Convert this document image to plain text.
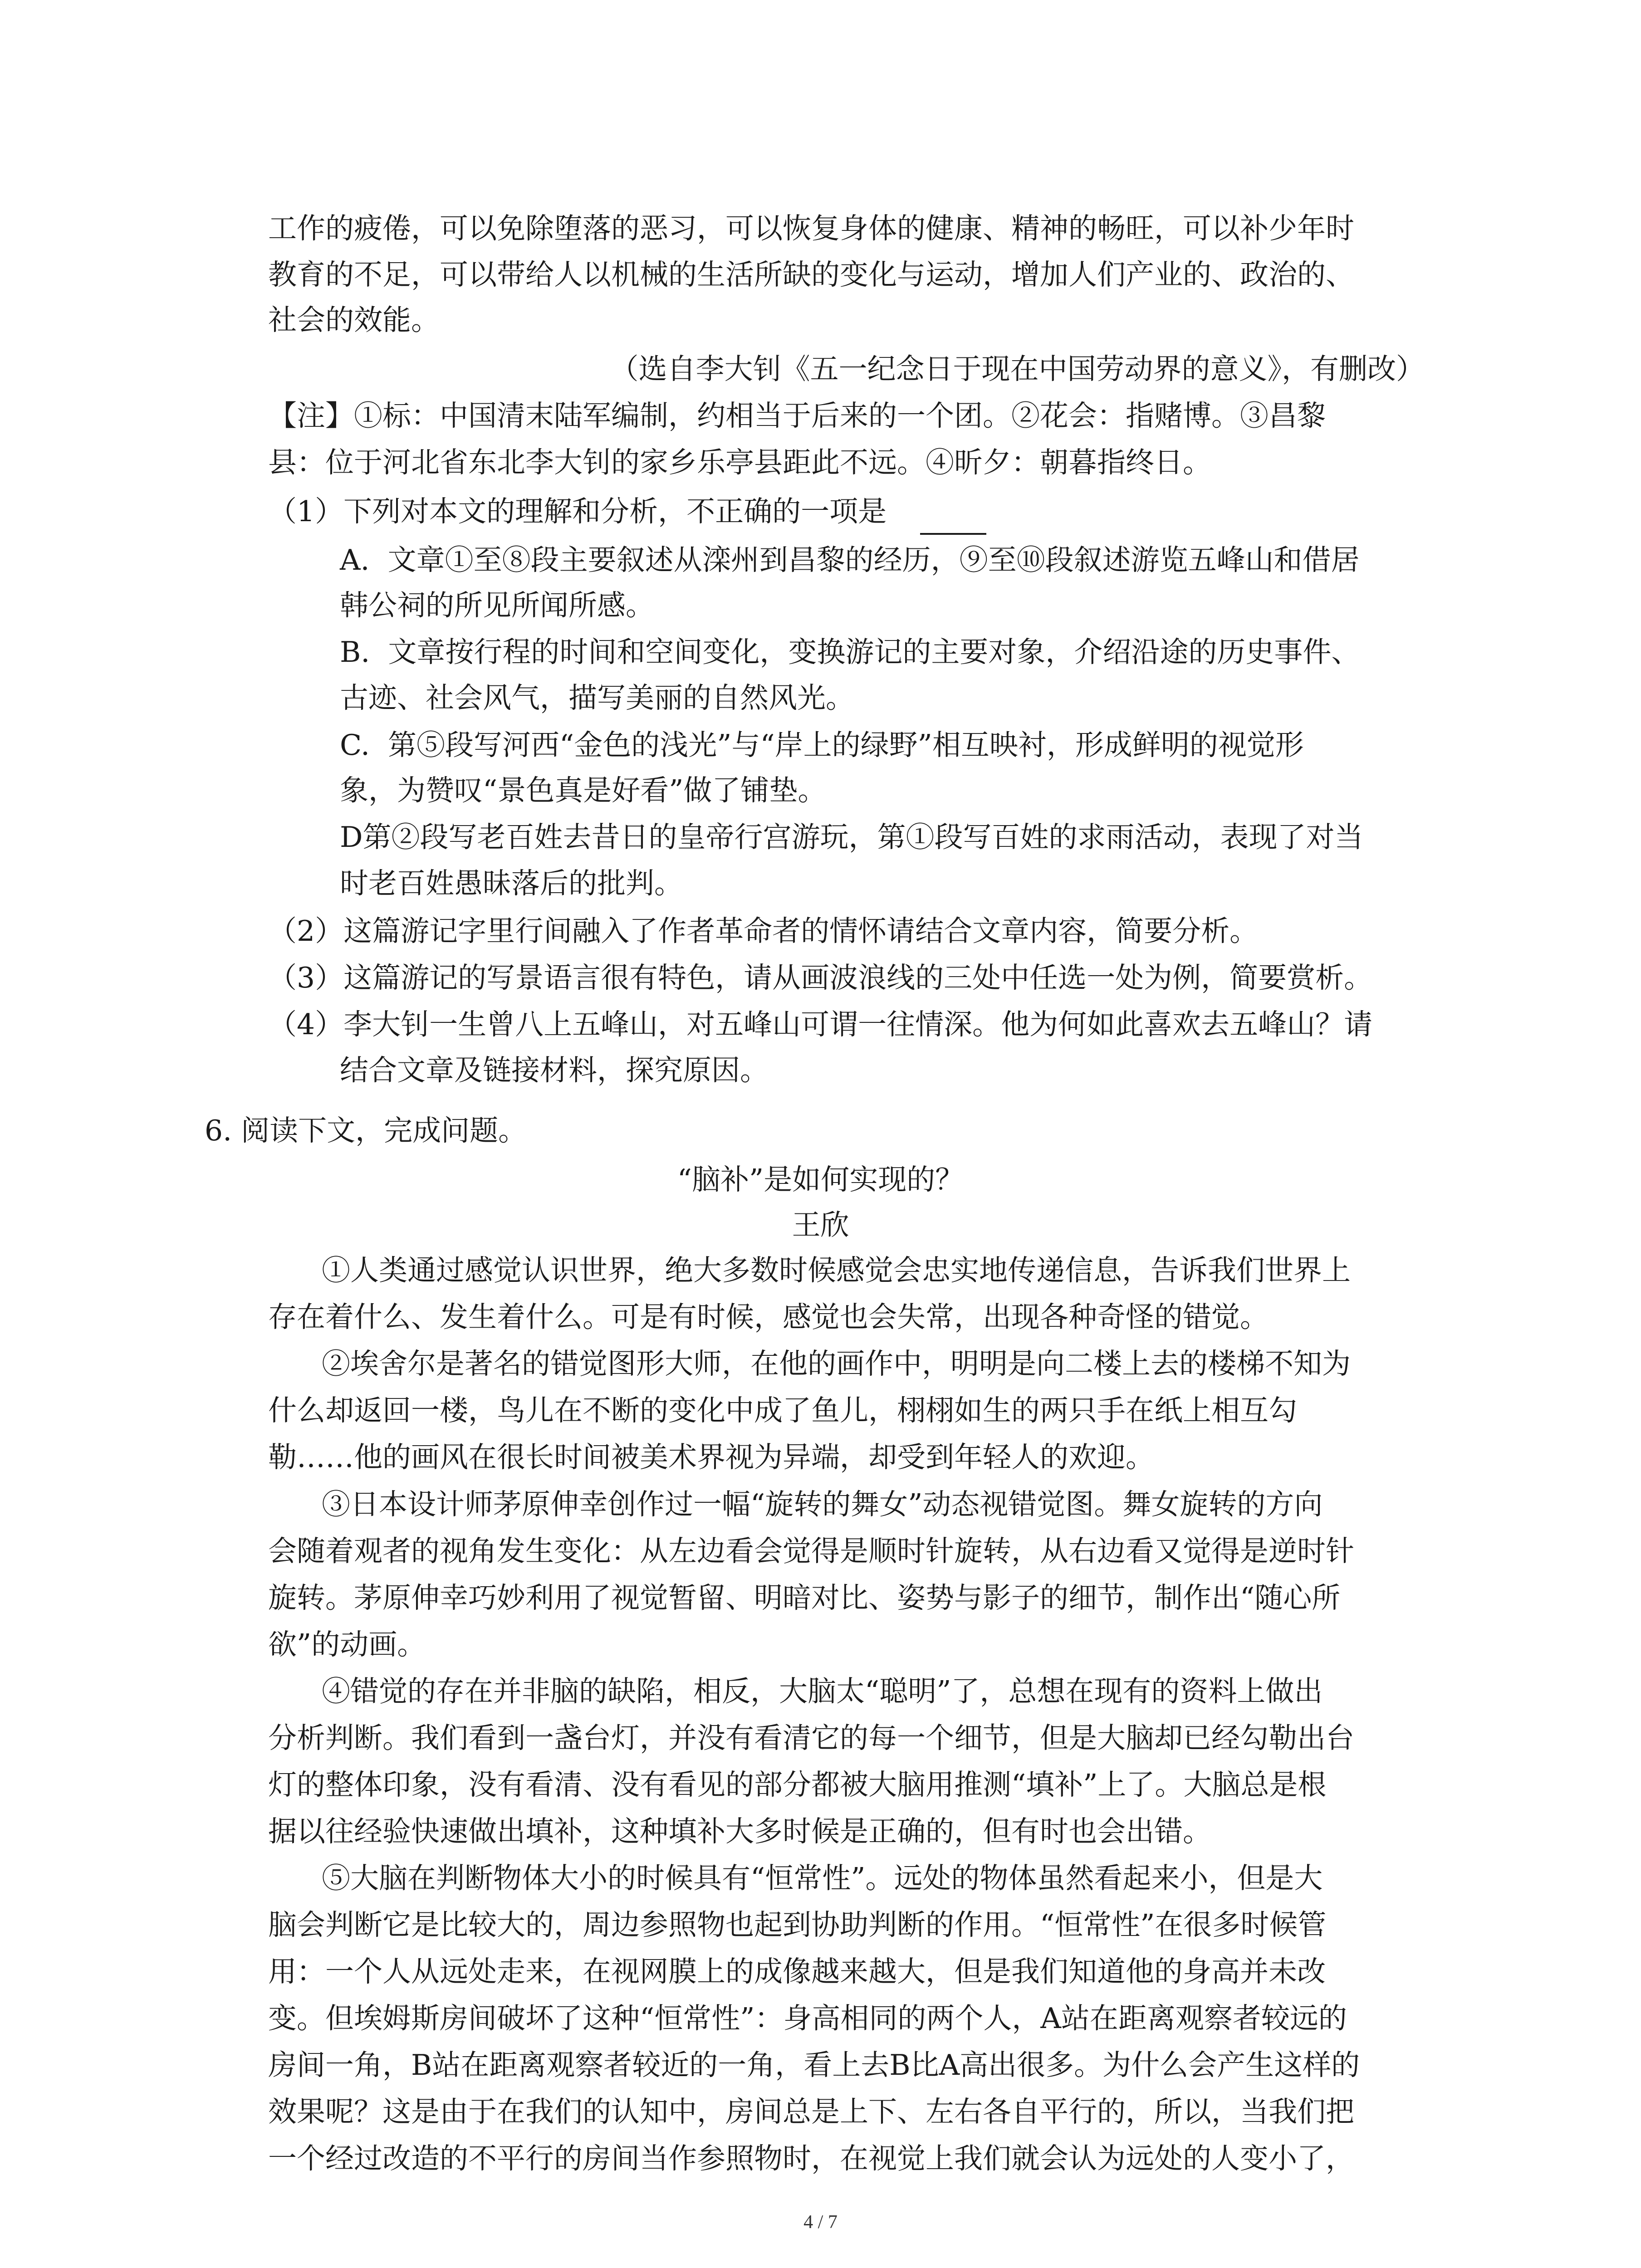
工作的疲倦，可以免除堕落的恶习，可以恢复身体的健康、精神的畅旺，可以补少年时
教育的不足，可以带给人以机械的生活所缺的变化与运动，增加人们产业的、政治的、
社会的效能。
（选自李大钊《五一纪念日于现在中国劳动界的意义》，有删改）
【注】①标：中国清末陆军编制，约相当于后来的一个团。②花会：指赌博。③昌黎
县：位于河北省东北李大钊的家乡乐亭县距此不远。④昕夕：朝暮指终日。
（1）下列对本文的理解和分析，不正确的一项是
A.  文章①至⑧段主要叙述从滦州到昌黎的经历，⑨至⑩段叙述游览五峰山和借居
韩公祠的所见所闻所感。
B.  文章按行程的时间和空间变化，变换游记的主要对象，介绍沿途的历史事件、
古迹、社会风气，描写美丽的自然风光。
C.  第⑤段写河西“金色的浅光”与“岸上的绿野”相互映衬，形成鲜明的视觉形
象，为赞叹“景色真是好看”做了铺垫。
D第②段写老百姓去昔日的皇帝行宫游玩，第①段写百姓的求雨活动，表现了对当
时老百姓愚昧落后的批判。
（2）这篇游记字里行间融入了作者革命者的情怀请结合文章内容，简要分析。
（3）这篇游记的写景语言很有特色，请从画波浪线的三处中任选一处为例，简要赏析。
（4）李大钊一生曾八上五峰山，对五峰山可谓一往情深。他为何如此喜欢去五峰山？请
结合文章及链接材料，探究原因。
6. 阅读下文，完成问题。
“脑补”是如何实现的？
王欣
①人类通过感觉认识世界，绝大多数时候感觉会忠实地传递信息，告诉我们世界上
存在着什么、发生着什么。可是有时候，感觉也会失常，出现各种奇怪的错觉。
②埃舍尔是著名的错觉图形大师，在他的画作中，明明是向二楼上去的楼梯不知为
什么却返回一楼，鸟儿在不断的变化中成了鱼儿，栩栩如生的两只手在纸上相互勾
勒……他的画风在很长时间被美术界视为异端，却受到年轻人的欢迎。
③日本设计师茅原伸幸创作过一幅“旋转的舞女”动态视错觉图。舞女旋转的方向
会随着观者的视角发生变化：从左边看会觉得是顺时针旋转，从右边看又觉得是逆时针
旋转。茅原伸幸巧妙利用了视觉暂留、明暗对比、姿势与影子的细节，制作出“随心所
欲”的动画。
④错觉的存在并非脑的缺陷，相反，大脑太“聪明”了，总想在现有的资料上做出
分析判断。我们看到一盏台灯，并没有看清它的每一个细节，但是大脑却已经勾勒出台
灯的整体印象，没有看清、没有看见的部分都被大脑用推测“填补”上了。大脑总是根
据以往经验快速做出填补，这种填补大多时候是正确的，但有时也会出错。
⑤大脑在判断物体大小的时候具有“恒常性”。远处的物体虽然看起来小，但是大
脑会判断它是比较大的，周边参照物也起到协助判断的作用。“恒常性”在很多时候管
用：一个人从远处走来，在视网膜上的成像越来越大，但是我们知道他的身高并未改
变。但埃姆斯房间破坏了这种“恒常性”：身高相同的两个人，A站在距离观察者较远的
房间一角，B站在距离观察者较近的一角，看上去B比A高出很多。为什么会产生这样的
效果呢？这是由于在我们的认知中，房间总是上下、左右各自平行的，所以，当我们把
一个经过改造的不平行的房间当作参照物时，在视觉上我们就会认为远处的人变小了，
4 / 7
